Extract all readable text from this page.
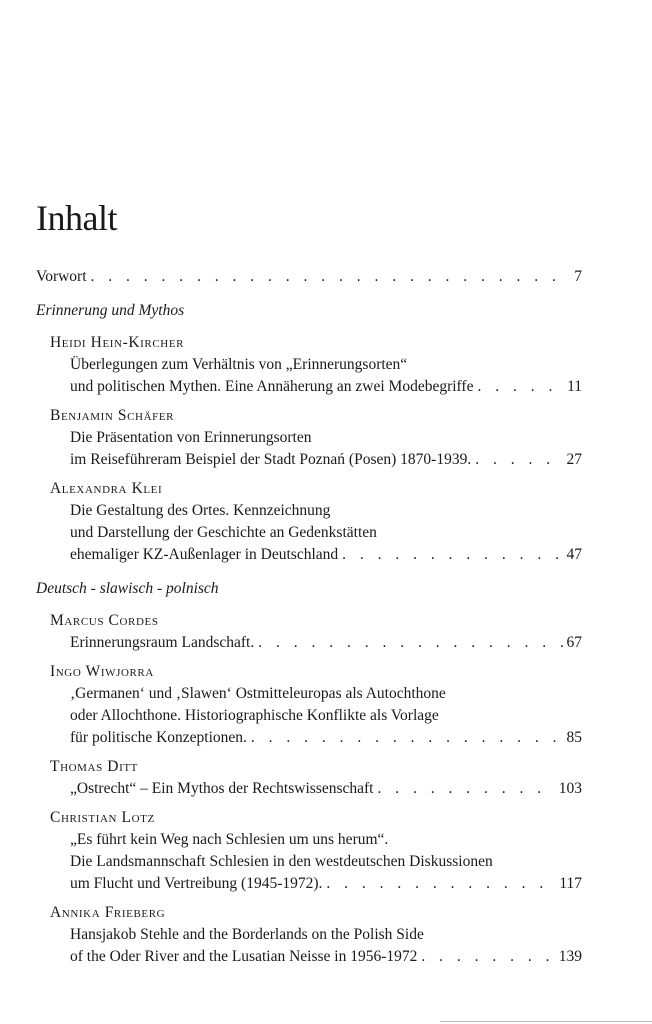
Inhalt
Vorwort . . .	7
Erinnerung und Mythos
Heidi Hein-Kircher
Überlegungen zum Verhältnis von „Erinnerungsorten“
und politischen Mythen. Eine Annäherung an zwei Modebegriffe . . .	11
Benjamin Schäfer
Die Präsentation von Erinnerungsorten
im Reiseführeram Beispiel der Stadt Poznań (Posen) 1870-1939. . . .	27
Alexandra Klei
Die Gestaltung des Ortes. Kennzeichnung
und Darstellung der Geschichte an Gedenkstätten
ehemaliger KZ-Außenlager in Deutschland . . .	47
Deutsch - slawisch - polnisch
Marcus Cordes
Erinnerungsraum Landschaft. . . .	67
Ingo Wiwjorra
‚Germanen‘ und ‚Slawen‘ Ostmitteleuropas als Autochthone
oder Allochthone. Historiographische Konflikte als Vorlage
für politische Konzeptionen. . . .	85
Thomas Ditt
„Ostrecht“ – Ein Mythos der Rechtswissenschaft . . .	103
Christian Lotz
„Es führt kein Weg nach Schlesien um uns herum“.
Die Landsmannschaft Schlesien in den westdeutschen Diskussionen
um Flucht und Vertreibung (1945-1972). . . .	117
Annika Frieberg
Hansjakob Stehle and the Borderlands on the Polish Side
of the Oder River and the Lusatian Neisse in 1956-1972 . . .	139
